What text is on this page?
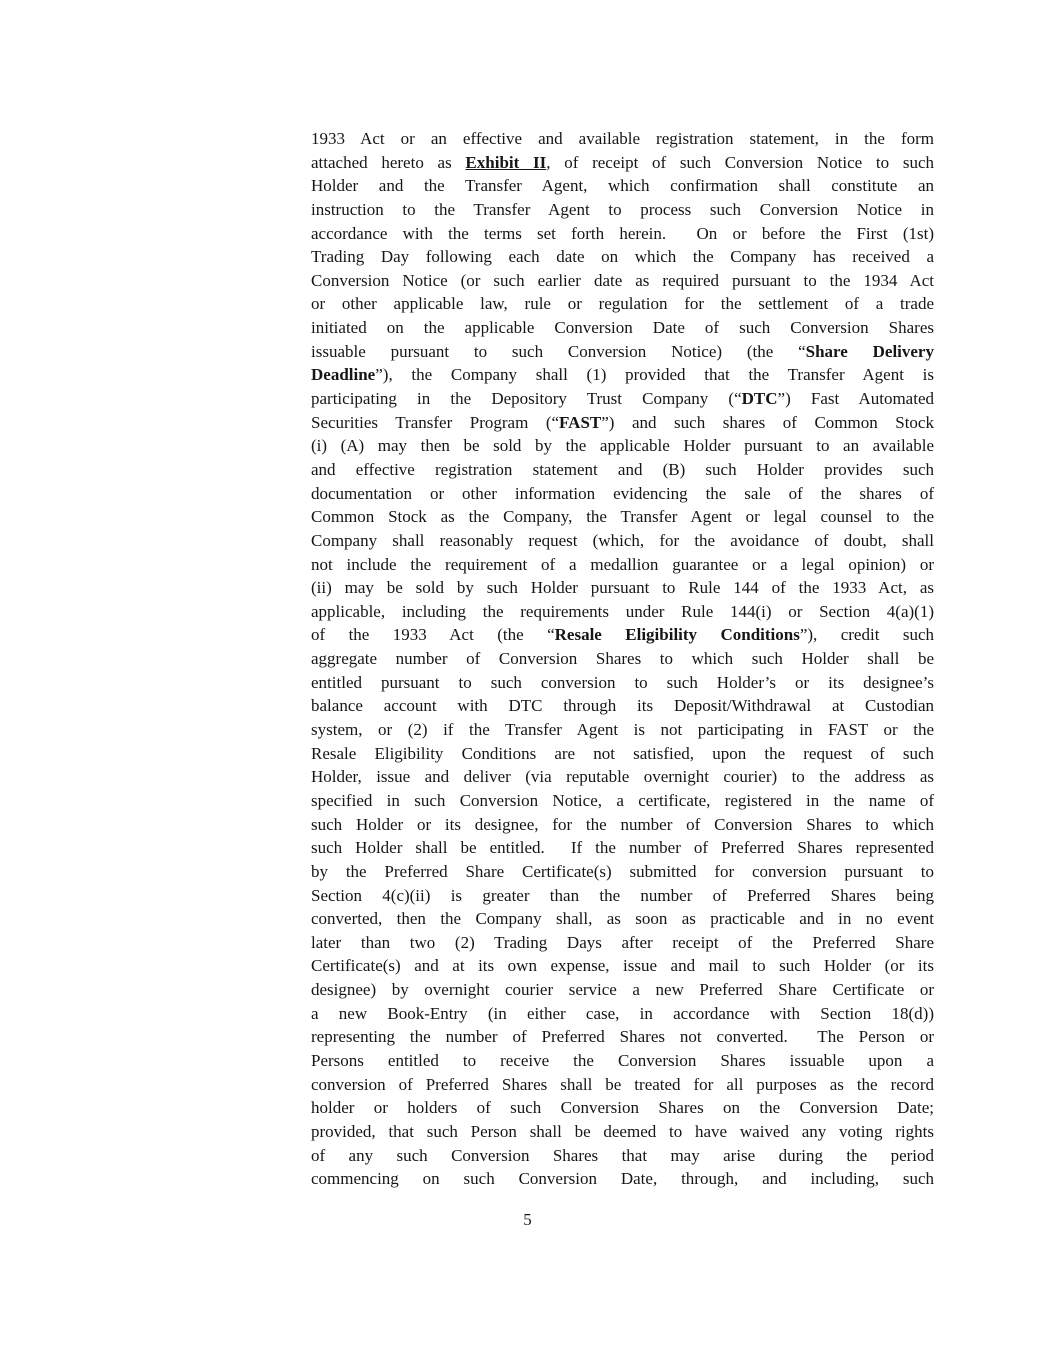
1933 Act or an effective and available registration statement, in the form
attached hereto as Exhibit II, of receipt of such Conversion Notice to such
Holder and the Transfer Agent, which confirmation shall constitute an
instruction to the Transfer Agent to process such Conversion Notice in
accordance with the terms set forth herein.  On or before the First (1st)
Trading Day following each date on which the Company has received a
Conversion Notice (or such earlier date as required pursuant to the 1934 Act
or other applicable law, rule or regulation for the settlement of a trade
initiated on the applicable Conversion Date of such Conversion Shares
issuable pursuant to such Conversion Notice) (the “Share Delivery
Deadline”), the Company shall (1) provided that the Transfer Agent is
participating in the Depository Trust Company (“DTC”) Fast Automated
Securities Transfer Program (“FAST”) and such shares of Common Stock
(i) (A) may then be sold by the applicable Holder pursuant to an available
and effective registration statement and (B) such Holder provides such
documentation or other information evidencing the sale of the shares of
Common Stock as the Company, the Transfer Agent or legal counsel to the
Company shall reasonably request (which, for the avoidance of doubt, shall
not include the requirement of a medallion guarantee or a legal opinion) or
(ii) may be sold by such Holder pursuant to Rule 144 of the 1933 Act, as
applicable, including the requirements under Rule 144(i) or Section 4(a)(1)
of the 1933 Act (the “Resale Eligibility Conditions”), credit such
aggregate number of Conversion Shares to which such Holder shall be
entitled pursuant to such conversion to such Holder’s or its designee’s
balance account with DTC through its Deposit/Withdrawal at Custodian
system, or (2) if the Transfer Agent is not participating in FAST or the
Resale Eligibility Conditions are not satisfied, upon the request of such
Holder, issue and deliver (via reputable overnight courier) to the address as
specified in such Conversion Notice, a certificate, registered in the name of
such Holder or its designee, for the number of Conversion Shares to which
such Holder shall be entitled.  If the number of Preferred Shares represented
by the Preferred Share Certificate(s) submitted for conversion pursuant to
Section 4(c)(ii) is greater than the number of Preferred Shares being
converted, then the Company shall, as soon as practicable and in no event
later than two (2) Trading Days after receipt of the Preferred Share
Certificate(s) and at its own expense, issue and mail to such Holder (or its
designee) by overnight courier service a new Preferred Share Certificate or
a new Book-Entry (in either case, in accordance with Section 18(d))
representing the number of Preferred Shares not converted.  The Person or
Persons entitled to receive the Conversion Shares issuable upon a
conversion of Preferred Shares shall be treated for all purposes as the record
holder or holders of such Conversion Shares on the Conversion Date;
provided, that such Person shall be deemed to have waived any voting rights
of any such Conversion Shares that may arise during the period
commencing on such Conversion Date, through, and including, such
5
